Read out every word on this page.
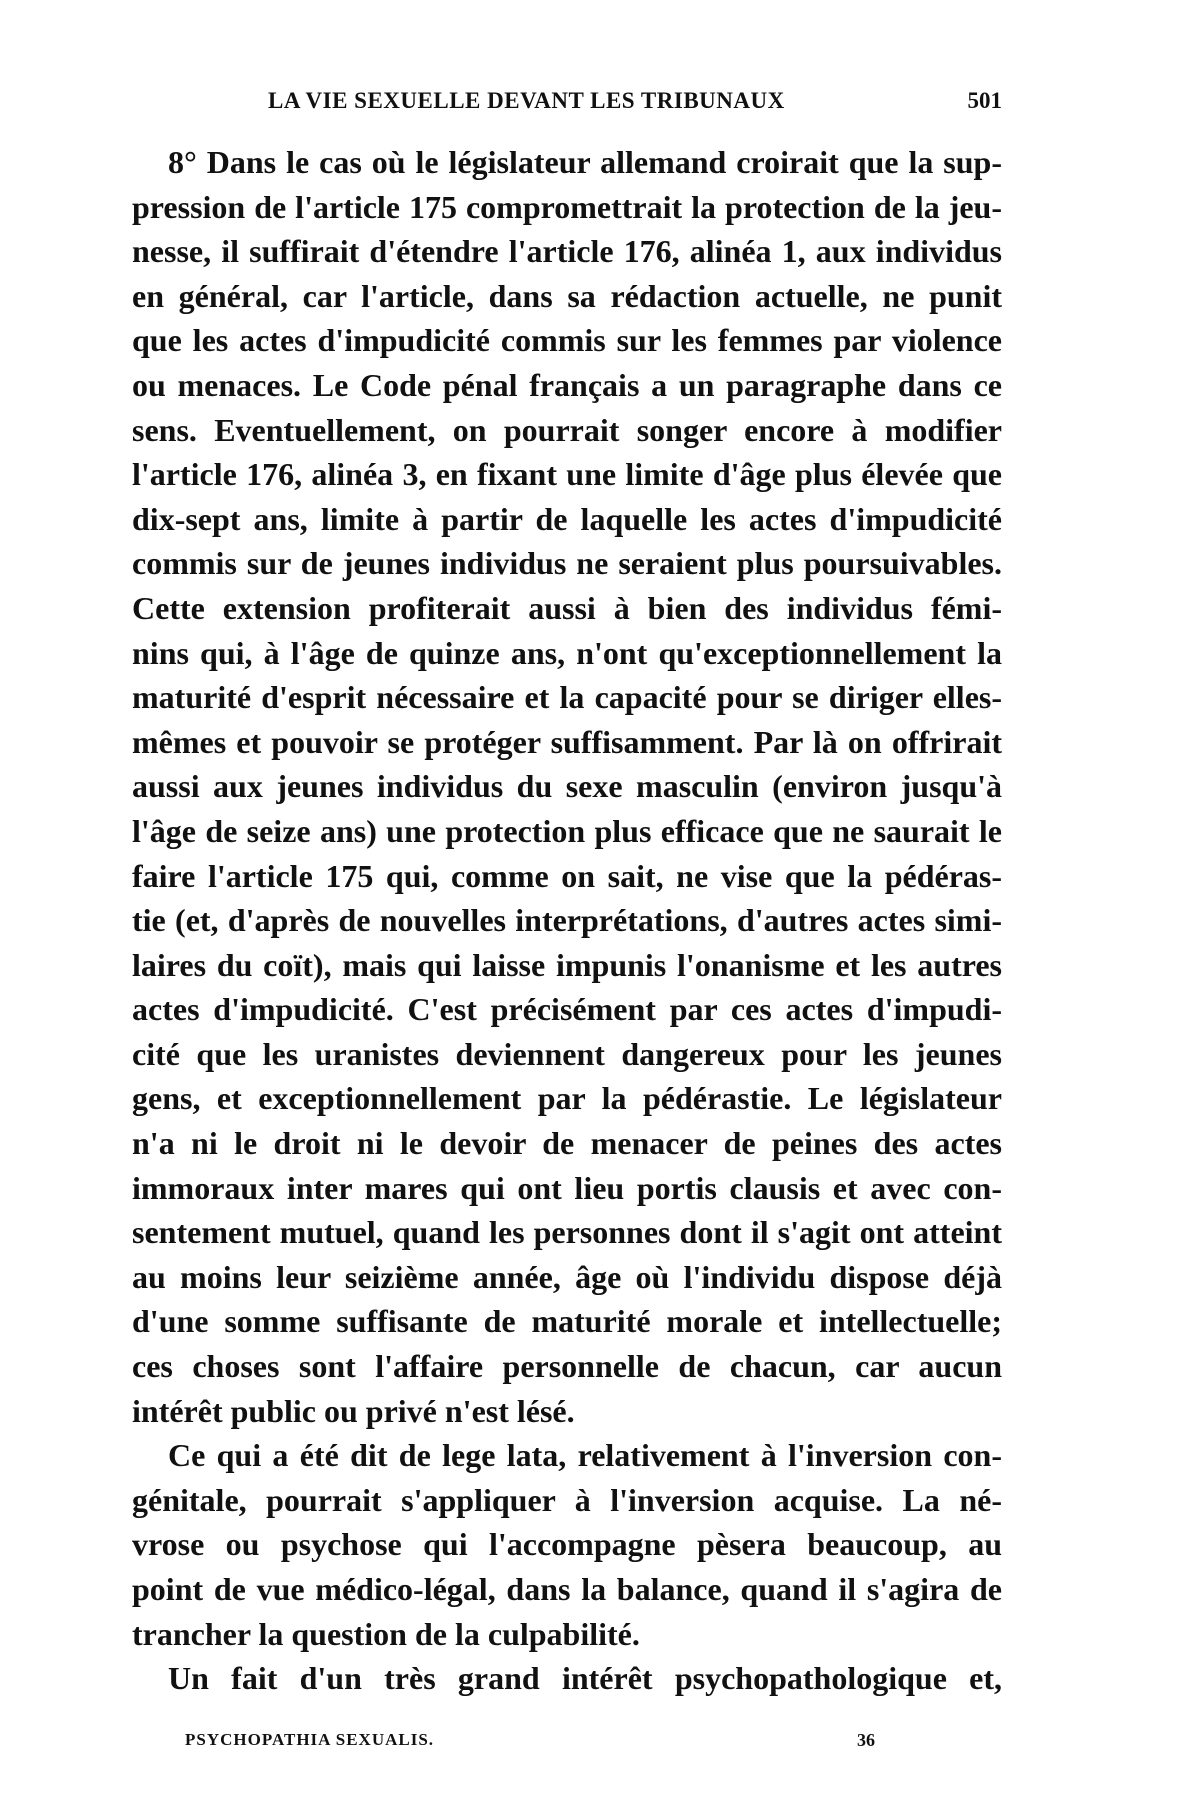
LA VIE SEXUELLE DEVANT LES TRIBUNAUX	501
8° Dans le cas où le législateur allemand croirait que la sup-
pression de l'article 175 compromettrait la protection de la jeu-
nesse, il suffirait d'étendre l'article 176, alinéa 1, aux individus
en général, car l'article, dans sa rédaction actuelle, ne punit
que les actes d'impudicité commis sur les femmes par violence
ou menaces. Le Code pénal français a un paragraphe dans ce
sens. Eventuellement, on pourrait songer encore à modifier
l'article 176, alinéa 3, en fixant une limite d'âge plus élevée que
dix-sept ans, limite à partir de laquelle les actes d'impudicité
commis sur de jeunes individus ne seraient plus poursuivables.
Cette extension profiterait aussi à bien des individus fémi-
nins qui, à l'âge de quinze ans, n'ont qu'exceptionnellement la
maturité d'esprit nécessaire et la capacité pour se diriger elles-
mêmes et pouvoir se protéger suffisamment. Par là on offrirait
aussi aux jeunes individus du sexe masculin (environ jusqu'à
l'âge de seize ans) une protection plus efficace que ne saurait le
faire l'article 175 qui, comme on sait, ne vise que la pédéras-
tie (et, d'après de nouvelles interprétations, d'autres actes simi-
laires du coït), mais qui laisse impunis l'onanisme et les autres
actes d'impudicité. C'est précisément par ces actes d'impudi-
cité que les uranistes deviennent dangereux pour les jeunes
gens, et exceptionnellement par la pédérastie. Le législateur
n'a ni le droit ni le devoir de menacer de peines des actes
immoraux inter mares qui ont lieu portis clausis et avec con-
sentement mutuel, quand les personnes dont il s'agit ont atteint
au moins leur seizième année, âge où l'individu dispose déjà
d'une somme suffisante de maturité morale et intellectuelle;
ces choses sont l'affaire personnelle de chacun, car aucun
intérêt public ou privé n'est lésé.
Ce qui a été dit de lege lata, relativement à l'inversion con-
génitale, pourrait s'appliquer à l'inversion acquise. La né-
vrose ou psychose qui l'accompagne pèsera beaucoup, au
point de vue médico-légal, dans la balance, quand il s'agira de
trancher la question de la culpabilité.
Un fait d'un très grand intérêt psychopathologique et,
PSYCHOPATHIA SEXUALIS.	36
